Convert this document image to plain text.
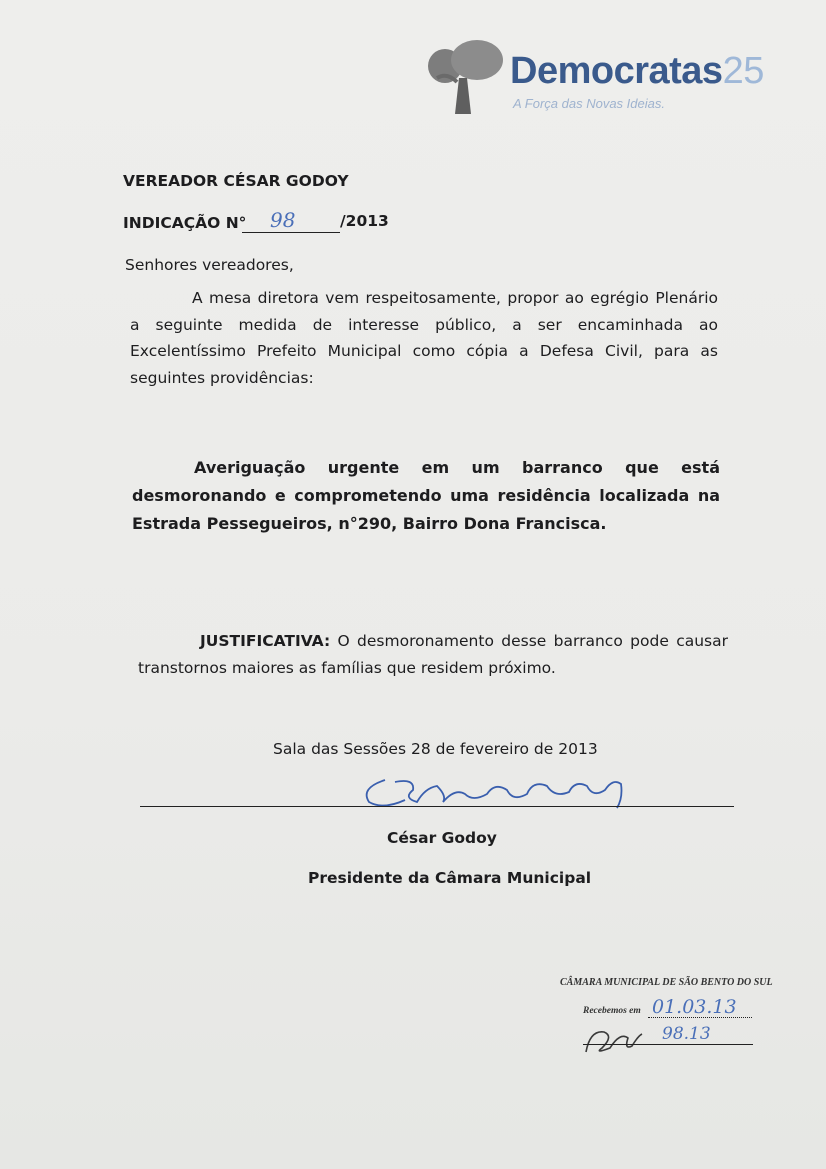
Democratas25
A Força das Novas Ideias.
VEREADOR CÉSAR GODOY
INDICAÇÃO N° 98	/2013
Senhores vereadores,
A mesa diretora vem respeitosamente, propor ao egrégio Plenário a seguinte medida de interesse público, a ser encaminhada ao Excelentíssimo Prefeito Municipal como cópia a Defesa Civil, para as seguintes providências:
Averiguação urgente em um barranco que está desmoronando e comprometendo uma residência localizada na Estrada Pessegueiros, n°290, Bairro Dona Francisca.
JUSTIFICATIVA: O desmoronamento desse barranco pode causar transtornos maiores as famílias que residem próximo.
Sala das Sessões 28 de fevereiro de 2013
César Godoy
Presidente da Câmara Municipal
CÂMARA MUNICIPAL DE SÃO BENTO DO SUL
Recebemos em 01.03.13
98.13
